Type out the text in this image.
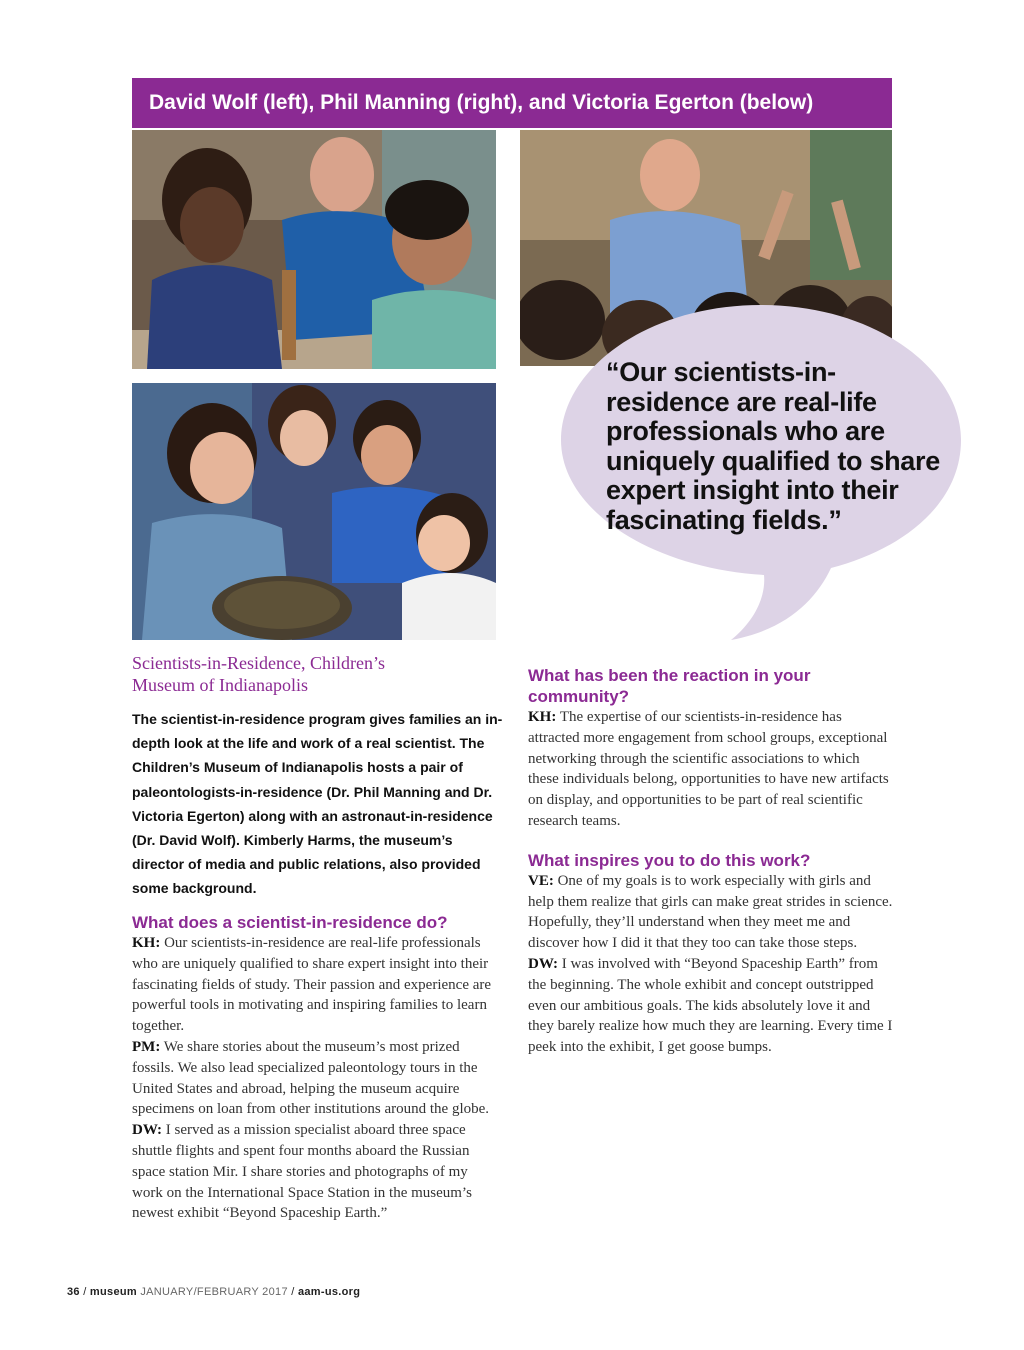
David Wolf (left), Phil Manning (right), and Victoria Egerton (below)
“Our scientists-in-residence are real-life professionals who are uniquely qualified to share expert insight into their fascinating fields.”
Scientists-in-Residence, Children’s
Museum of Indianapolis
The scientist-in-residence program gives families an in-depth look at the life and work of a real scientist. The Children’s Museum of Indianapolis hosts a pair of paleontologists-in-residence (Dr. Phil Manning and Dr. Victoria Egerton) along with an astronaut-in-residence (Dr. David Wolf). Kimberly Harms, the museum’s director of media and public relations, also provided some background.

What does a scientist-in-residence do?

KH: Our scientists-in-residence are real-life professionals who are uniquely qualified to share expert insight into their fascinating fields of study. Their passion and experience are powerful tools in motivating and inspiring families to learn together.

PM: We share stories about the museum’s most prized fossils. We also lead specialized paleontology tours in the United States and abroad, helping the museum acquire specimens on loan from other institutions around the globe.

DW: I served as a mission specialist aboard three space shuttle flights and spent four months aboard the Russian space station Mir. I share stories and photographs of my work on the International Space Station in the museum’s newest exhibit “Beyond Spaceship Earth.”

What has been the reaction in your community?

KH: The expertise of our scientists-in-residence has attracted more engagement from school groups, exceptional networking through the scientific associations to which these individuals belong, opportunities to have new artifacts on display, and opportunities to be part of real scientific research teams.

What inspires you to do this work?

VE: One of my goals is to work especially with girls and help them realize that girls can make great strides in science. Hopefully, they’ll understand when they meet me and discover how I did it that they too can take those steps.

DW: I was involved with “Beyond Spaceship Earth” from the beginning. The whole exhibit and concept outstripped even our ambitious goals. The kids absolutely love it and they barely realize how much they are learning. Every time I peek into the exhibit, I get goose bumps.

36 / museum JANUARY/FEBRUARY 2017 / aam-us.org
